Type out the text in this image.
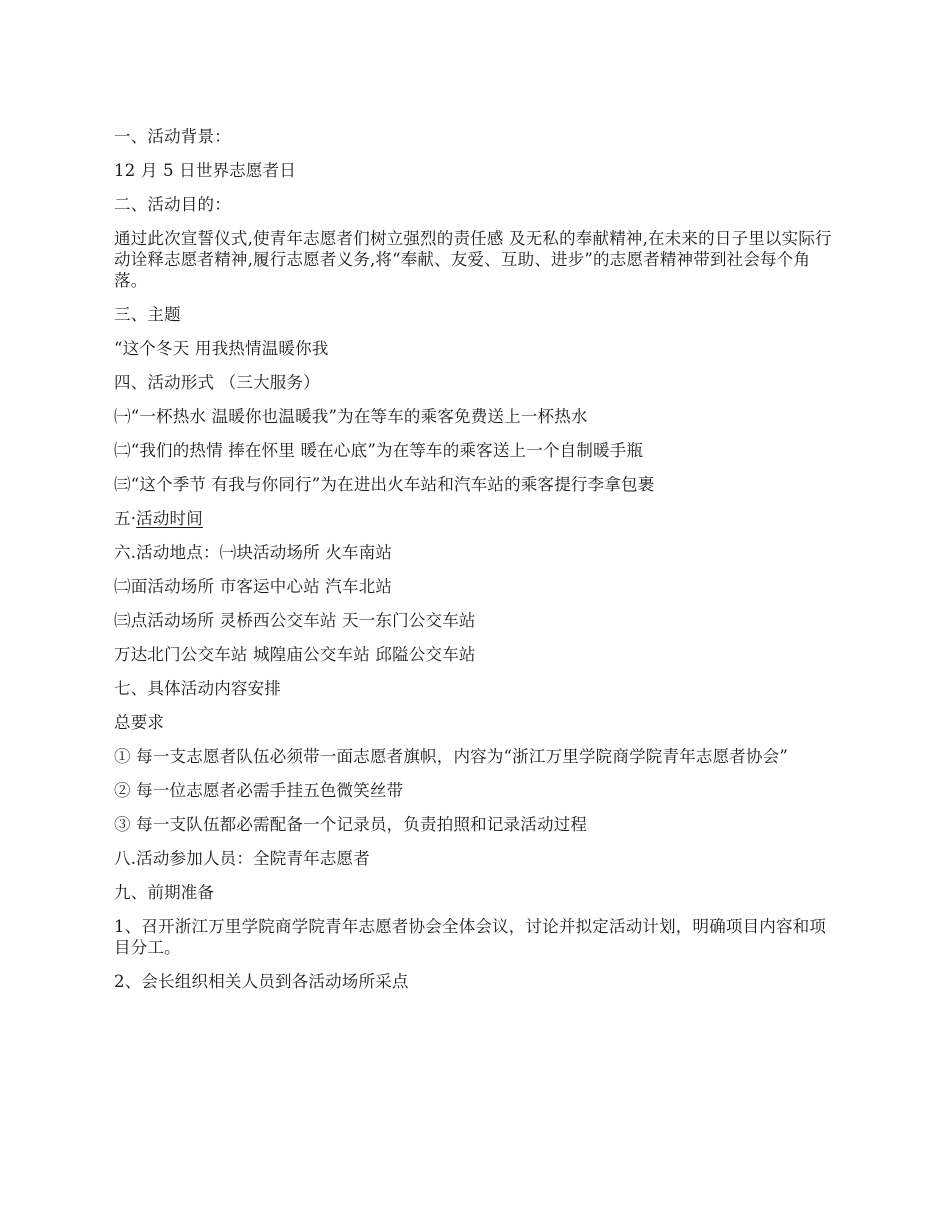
一、活动背景：

12 月 5 日世界志愿者日

二、活动目的：

通过此次宣誓仪式,使青年志愿者们树立强烈的责任感 及无私的奉献精神,在未来的日子里以实际行动诠释志愿者精神,履行志愿者义务,将“奉献、友爱、互助、进步”的志愿者精神带到社会每个角落。

三、主题

“这个冬天 用我热情温暖你我

四、活动形式 （三大服务）

㈠“一杯热水 温暖你也温暖我”为在等车的乘客免费送上一杯热水

㈡“我们的热情 捧在怀里 暖在心底”为在等车的乘客送上一个自制暖手瓶

㈢“这个季节 有我与你同行”为在进出火车站和汽车站的乘客提行李拿包裹

五·活动时间

六.活动地点：㈠块活动场所 火车南站

㈡面活动场所 市客运中心站 汽车北站

㈢点活动场所 灵桥西公交车站 天一东门公交车站

万达北门公交车站 城隍庙公交车站 邱隘公交车站

七、具体活动内容安排

总要求

① 每一支志愿者队伍必须带一面志愿者旗帜，内容为“浙江万里学院商学院青年志愿者协会”

② 每一位志愿者必需手挂五色微笑丝带

③ 每一支队伍都必需配备一个记录员，负责拍照和记录活动过程

八.活动参加人员：全院青年志愿者

九、前期准备

1、召开浙江万里学院商学院青年志愿者协会全体会议，讨论并拟定活动计划，明确项目内容和项目分工。

2、会长组织相关人员到各活动场所采点
